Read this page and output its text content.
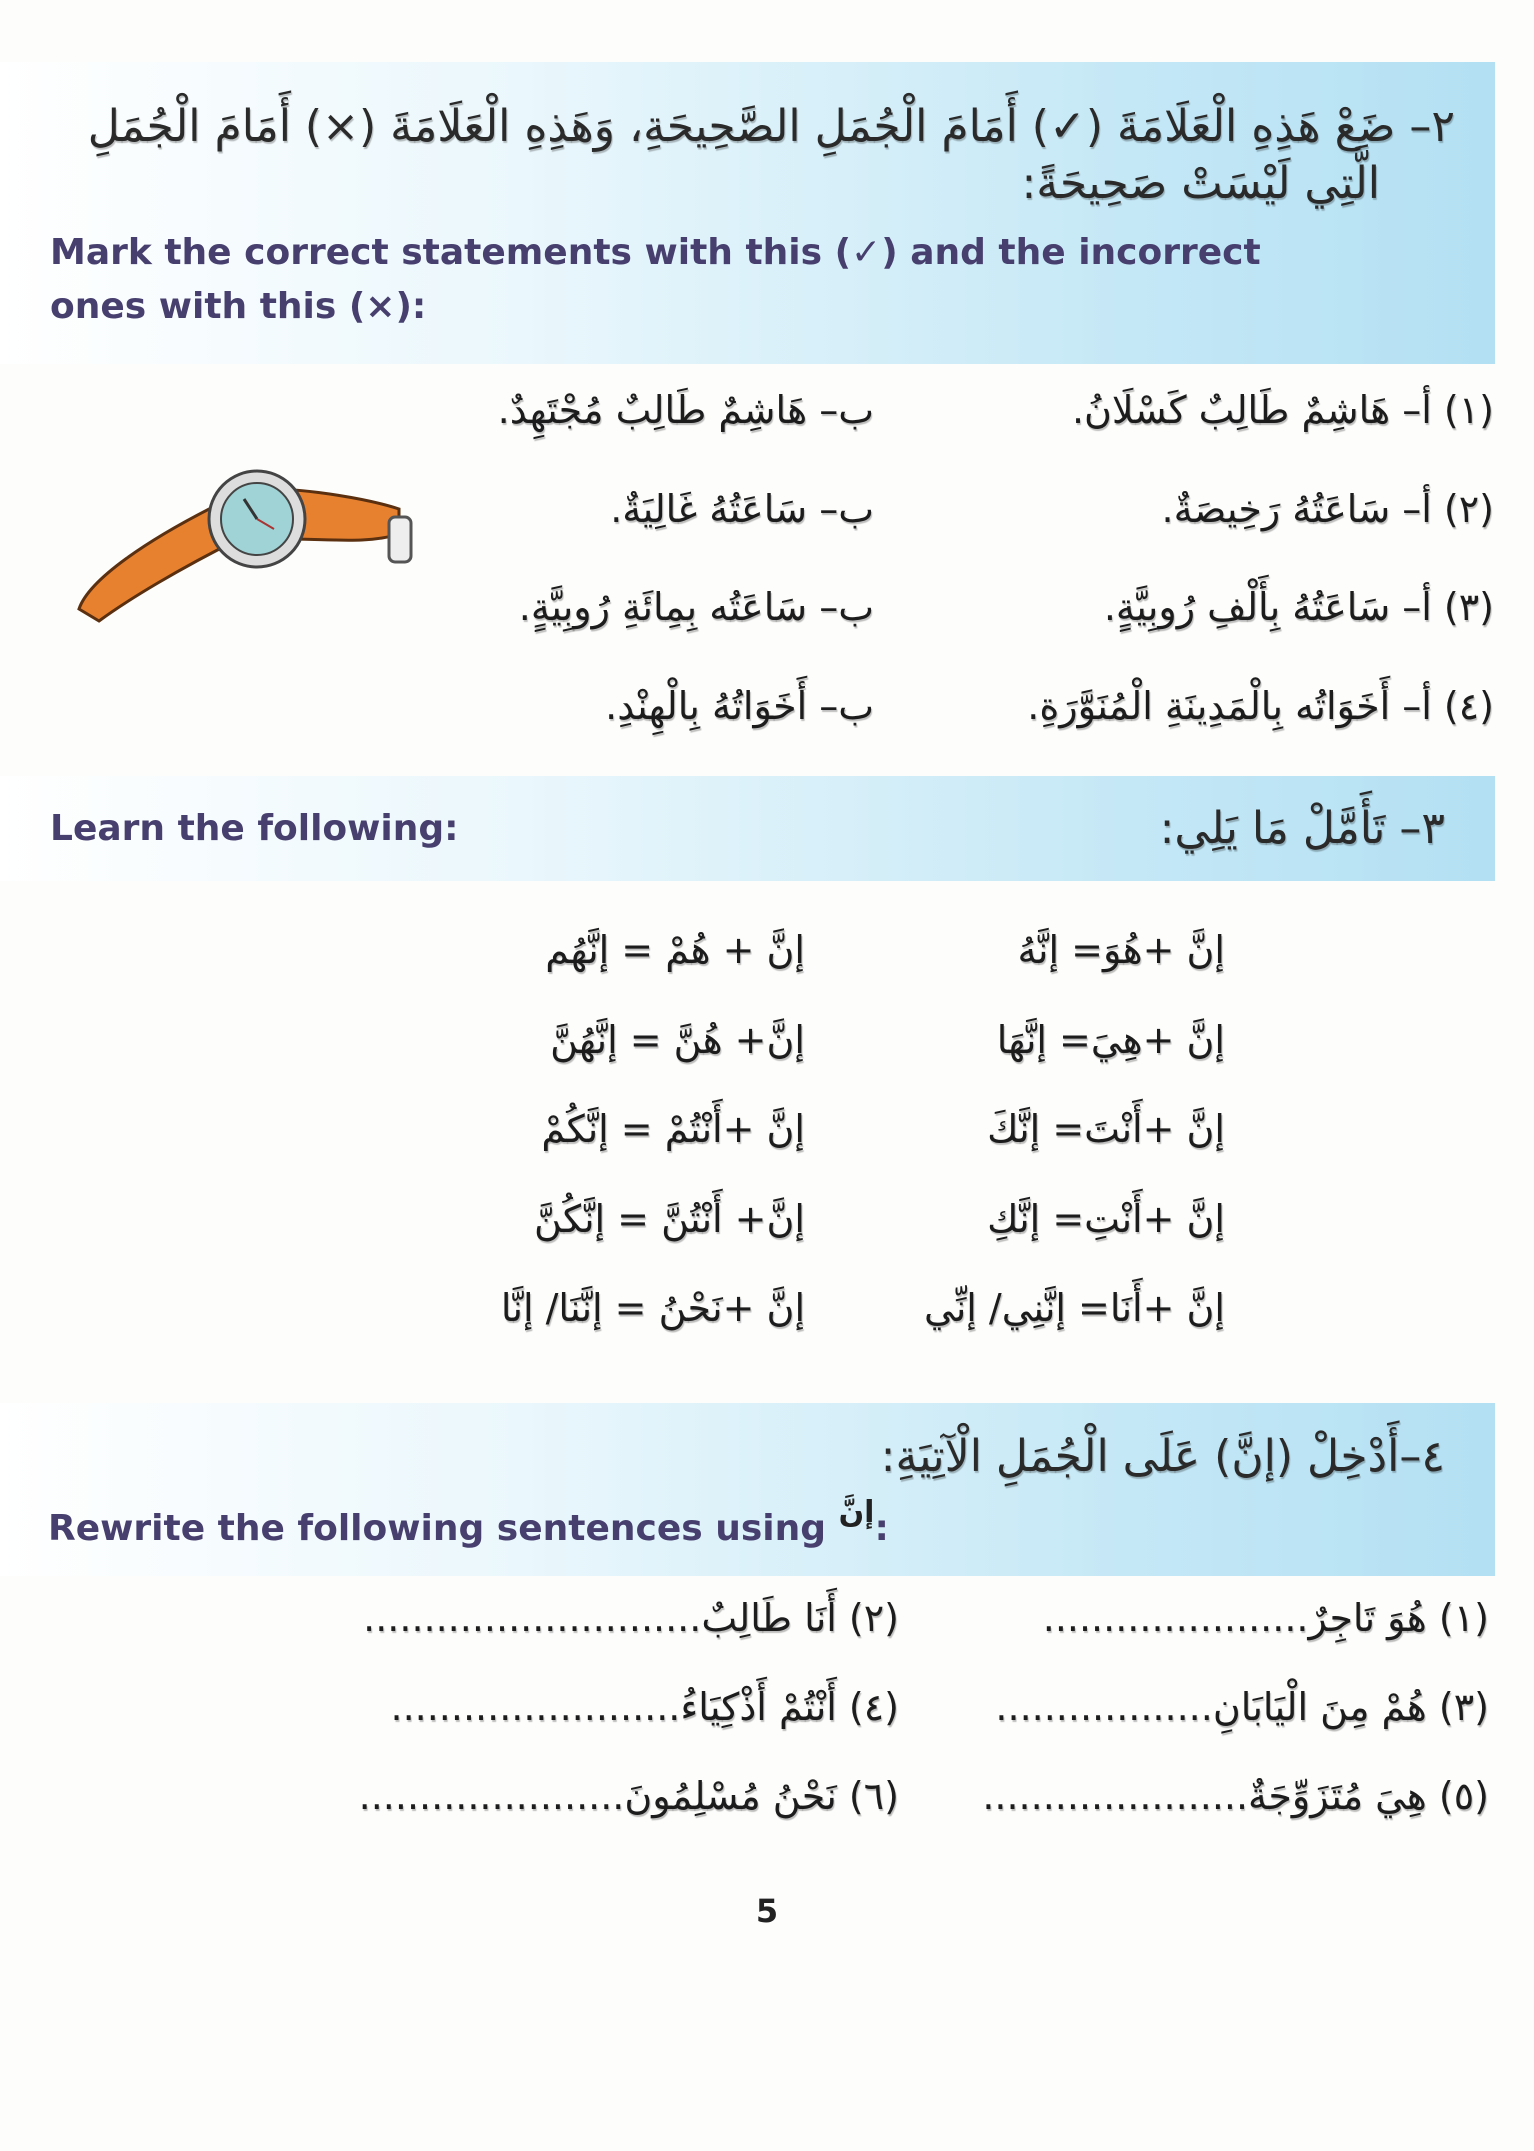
٢– ضَعْ هَذِهِ الْعَلَامَةَ (✓) أَمَامَ الْجُمَلِ الصَّحِيحَةِ، وَهَذِهِ الْعَلَامَةَ (×) أَمَامَ الْجُمَلِ
الَّتِي لَيْسَتْ صَحِيحَةً:
Mark the correct statements with this (✓) and the incorrect
ones with this (×):
(١) أ– هَاشِمٌ طَالِبٌ كَسْلَانُ.
ب– هَاشِمٌ طَالِبٌ مُجْتَهِدٌ.
(٢) أ– سَاعَتُهُ رَخِيصَةٌ.
ب– سَاعَتُهُ غَالِيَةٌ.
(٣) أ– سَاعَتُهُ بِأَلْفِ رُوبِيَّةٍ.
ب– سَاعَتُه بِمِائَةِ رُوبِيَّةٍ.
(٤) أ– أَخَوَاتُه بِالْمَدِينَةِ الْمُنَوَّرَةِ.
ب– أَخَوَاتُهُ بِالْهِنْدِ.
Learn the following:	٣– تَأَمَّلْ مَا يَلِي:
إنَّ +هُوَ= إنَّهُ
إنَّ + هُمْ = إنَّهُم
إنَّ +هِيَ= إنَّهَا
إنَّ+ هُنَّ = إنَّهُنَّ
إنَّ +أَنْتَ= إنَّكَ
إنَّ +أَنْتُمْ = إنَّكُمْ
إنَّ +أَنْتِ= إنَّكِ
إنَّ+ أَنْتُنَّ = إنَّكُنَّ
إنَّ +أَنَا= إنَّنِي/ إنِّي
إنَّ +نَحْنُ = إنَّنَا/ إنَّا
٤–أَدْخِلْ (إنَّ) عَلَى الْجُمَلِ الْآتِيَةِ:
Rewrite the following sentences using $^{إنَّ}$:
(١) هُوَ تَاجِرٌ......................
(٢) أَنَا طَالِبٌ............................
(٣) هُمْ مِنَ الْيَابَانِ..................
(٤) أَنْتُمْ أَذْكِيَاءُ........................
(٥) هِيَ مُتَزَوِّجَةٌ......................
(٦) نَحْنُ مُسْلِمُونَ......................
5
